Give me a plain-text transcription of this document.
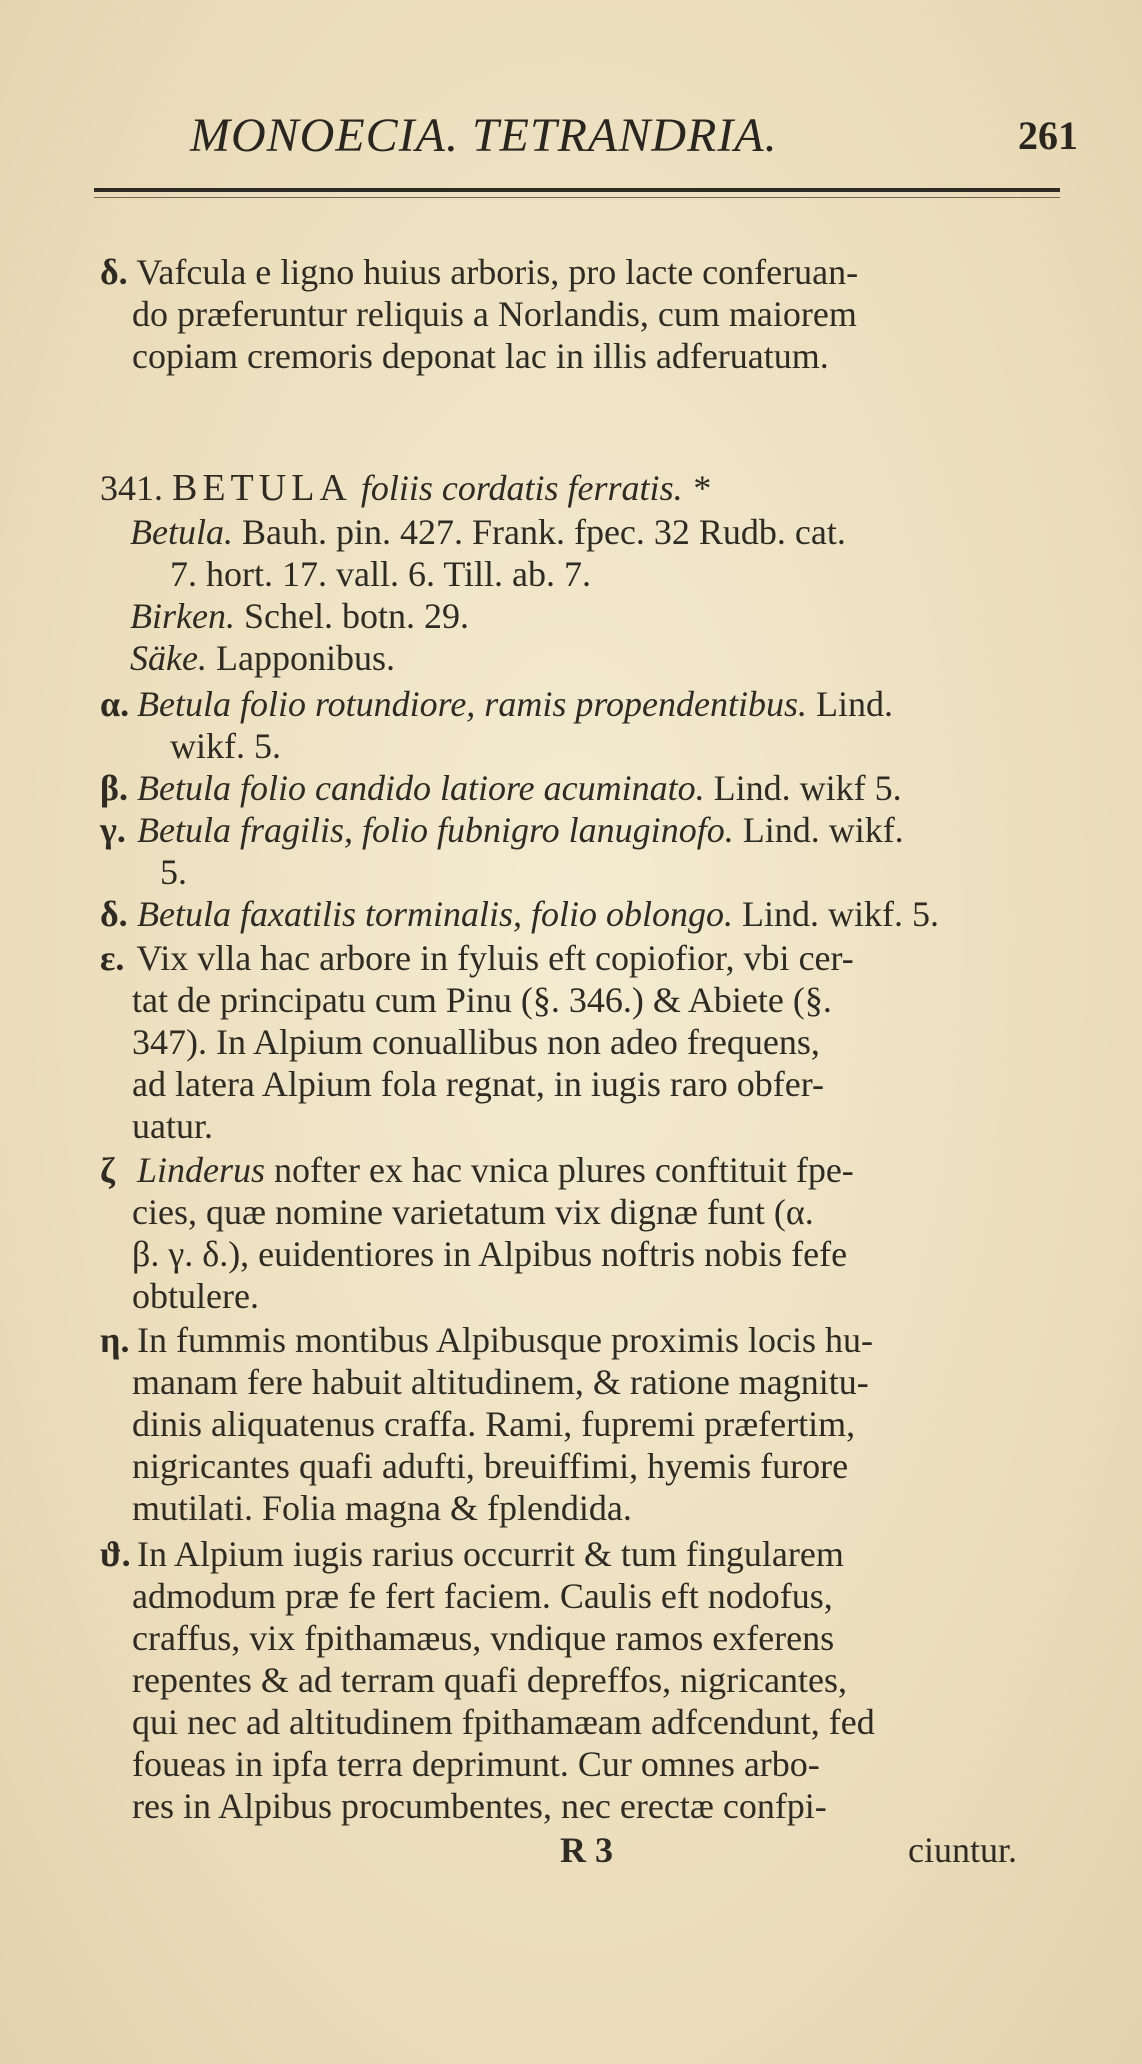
MONOECIA. TETRANDRIA.	261
δ. Vafcula e ligno huius arboris, pro lacte conferuan-
do præferuntur reliquis a Norlandis, cum maiorem
copiam cremoris deponat lac in illis adferuatum.
341. BETULA foliis cordatis ferratis. *
Betula. Bauh. pin. 427. Frank. fpec. 32 Rudb. cat.
7. hort. 17. vall. 6. Till. ab. 7.
Birken. Schel. botn. 29.
Säke. Lapponibus.
α. Betula folio rotundiore, ramis propendentibus. Lind.
wikf. 5.
β. Betula folio candido latiore acuminato. Lind. wikf 5.
γ. Betula fragilis, folio fubnigro lanuginofo. Lind. wikf.
5.
δ. Betula faxatilis torminalis, folio oblongo. Lind. wikf. 5.
ε. Vix vlla hac arbore in fyluis eft copiofior, vbi cer-
tat de principatu cum Pinu (§. 346.) & Abiete (§.
347). In Alpium conuallibus non adeo frequens,
ad latera Alpium fola regnat, in iugis raro obfer-
uatur.
ζ Linderus nofter ex hac vnica plures conftituit fpe-
cies, quæ nomine varietatum vix dignæ funt (α.
β. γ. δ.), euidentiores in Alpibus noftris nobis fefe
obtulere.
η. In fummis montibus Alpibusque proximis locis hu-
manam fere habuit altitudinem, & ratione magnitu-
dinis aliquatenus craffa. Rami, fupremi præfertim,
nigricantes quafi adufti, breuiffimi, hyemis furore
mutilati. Folia magna & fplendida.
ϑ. In Alpium iugis rarius occurrit & tum fingularem
admodum præ fe fert faciem. Caulis eft nodofus,
craffus, vix fpithamæus, vndique ramos exferens
repentes & ad terram quafi depreffos, nigricantes,
qui nec ad altitudinem fpithamæam adfcendunt, fed
foueas in ipfa terra deprimunt. Cur omnes arbo-
res in Alpibus procumbentes, nec erectæ confpi-
R 3	ciuntur.
